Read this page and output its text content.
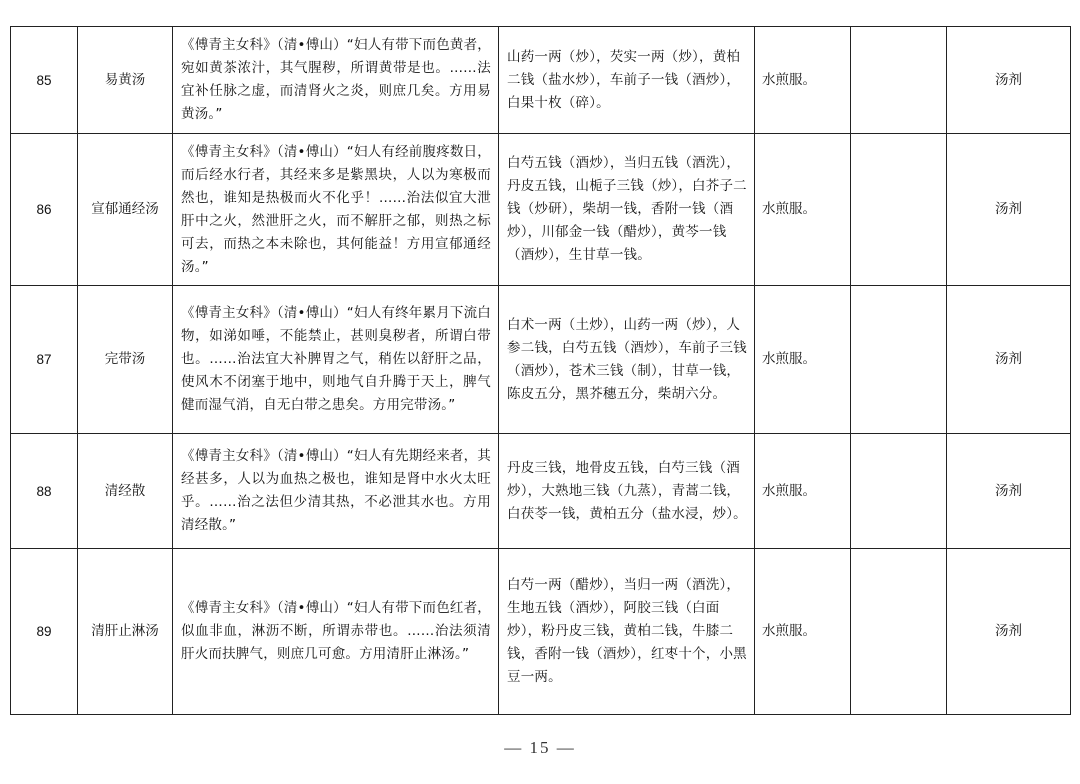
85	易黄汤	《傅青主女科》（清•傅山）“妇人有带下而色黄者，宛如黄茶浓汁，其气腥秽，所谓黄带是也。……法宜补任脉之虚，而清肾火之炎，则庶几矣。方用易黄汤。”	山药一两（炒），芡实一两（炒），黄柏二钱（盐水炒），车前子一钱（酒炒），白果十枚（碎）。	水煎服。		汤剂
86	宣郁通经汤	《傅青主女科》（清•傅山）“妇人有经前腹疼数日，而后经水行者，其经来多是紫黑块，人以为寒极而然也，谁知是热极而火不化乎！……治法似宜大泄肝中之火，然泄肝之火，而不解肝之郁，则热之标可去，而热之本未除也，其何能益！方用宣郁通经汤。”	白芍五钱（酒炒），当归五钱（酒洗），丹皮五钱，山栀子三钱（炒），白芥子二钱（炒研），柴胡一钱，香附一钱（酒炒），川郁金一钱（醋炒），黄芩一钱（酒炒），生甘草一钱。	水煎服。		汤剂
87	完带汤	《傅青主女科》（清•傅山）“妇人有终年累月下流白物，如涕如唾，不能禁止，甚则臭秽者，所谓白带也。……治法宜大补脾胃之气，稍佐以舒肝之品，使风木不闭塞于地中，则地气自升腾于天上，脾气健而湿气消，自无白带之患矣。方用完带汤。”	白术一两（土炒），山药一两（炒），人参二钱，白芍五钱（酒炒），车前子三钱（酒炒），苍术三钱（制），甘草一钱，陈皮五分，黑芥穗五分，柴胡六分。	水煎服。		汤剂
88	清经散	《傅青主女科》（清•傅山）“妇人有先期经来者，其经甚多，人以为血热之极也，谁知是肾中水火太旺乎。……治之法但少清其热，不必泄其水也。方用清经散。”	丹皮三钱，地骨皮五钱，白芍三钱（酒炒），大熟地三钱（九蒸），青蒿二钱，白茯苓一钱，黄柏五分（盐水浸，炒）。	水煎服。		汤剂
89	清肝止淋汤	《傅青主女科》（清•傅山）“妇人有带下而色红者，似血非血，淋沥不断，所谓赤带也。……治法须清肝火而扶脾气，则庶几可愈。方用清肝止淋汤。”	白芍一两（醋炒），当归一两（酒洗），生地五钱（酒炒），阿胶三钱（白面炒），粉丹皮三钱，黄柏二钱，牛膝二钱，香附一钱（酒炒），红枣十个，小黑豆一两。	水煎服。		汤剂
— 15 —
